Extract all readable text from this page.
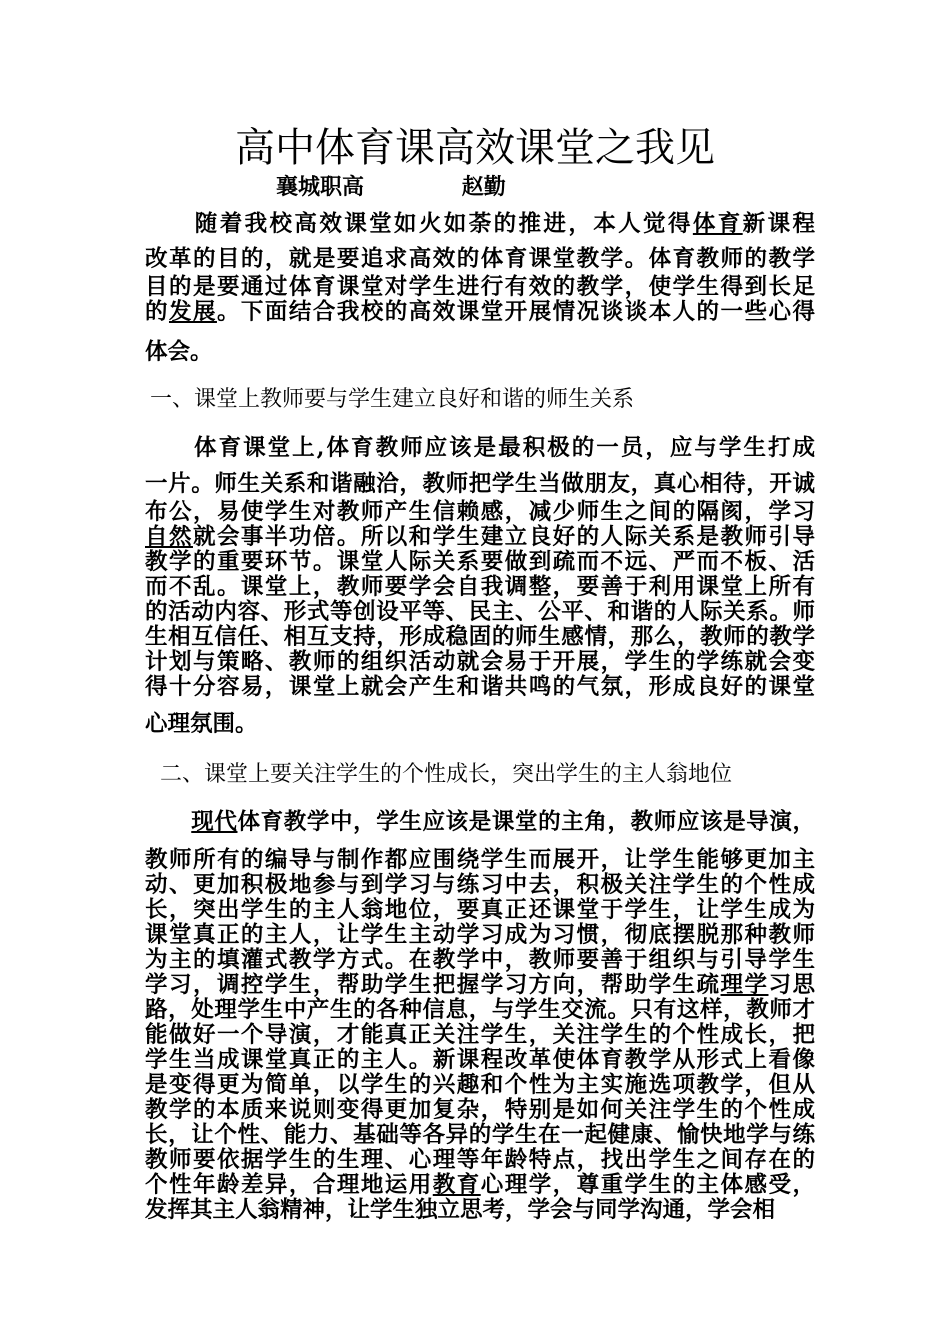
高中体育课高效课堂之我见
襄城职高	赵勤
　　随着我校高效课堂如火如荼的推进，本人觉得体育新课程
改革的目的，就是要追求高效的体育课堂教学。体育教师的教学
目的是要通过体育课堂对学生进行有效的教学，使学生得到长足
的发展。下面结合我校的高效课堂开展情况谈谈本人的一些心得
体会。
一、课堂上教师要与学生建立良好和谐的师生关系
　　体育课堂上,体育教师应该是最积极的一员，应与学生打成
一片。师生关系和谐融洽，教师把学生当做朋友，真心相待，开诚
布公，易使学生对教师产生信赖感，减少师生之间的隔阂，学习
自然就会事半功倍。所以和学生建立良好的人际关系是教师引导
教学的重要环节。课堂人际关系要做到疏而不远、严而不板、活
而不乱。课堂上，教师要学会自我调整，要善于利用课堂上所有
的活动内容、形式等创设平等、民主、公平、和谐的人际关系。师
生相互信任、相互支持，形成稳固的师生感情，那么，教师的教学
计划与策略、教师的组织活动就会易于开展，学生的学练就会变
得十分容易，课堂上就会产生和谐共鸣的气氛，形成良好的课堂
心理氛围。
二、课堂上要关注学生的个性成长，突出学生的主人翁地位
　　现代体育教学中，学生应该是课堂的主角，教师应该是导演，
教师所有的编导与制作都应围绕学生而展开，让学生能够更加主
动、更加积极地参与到学习与练习中去，积极关注学生的个性成
长，突出学生的主人翁地位，要真正还课堂于学生，让学生成为
课堂真正的主人，让学生主动学习成为习惯，彻底摆脱那种教师
为主的填灌式教学方式。在教学中，教师要善于组织与引导学生
学习，调控学生，帮助学生把握学习方向，帮助学生疏理学习思
路，处理学生中产生的各种信息，与学生交流。只有这样，教师才
能做好一个导演，才能真正关注学生，关注学生的个性成长，把
学生当成课堂真正的主人。新课程改革使体育教学从形式上看像
是变得更为简单，以学生的兴趣和个性为主实施选项教学，但从
教学的本质来说则变得更加复杂，特别是如何关注学生的个性成
长，让个性、能力、基础等各异的学生在一起健康、愉快地学与练
教师要依据学生的生理、心理等年龄特点，找出学生之间存在的
个性年龄差异，合理地运用教育心理学，尊重学生的主体感受，
发挥其主人翁精神，让学生独立思考，学会与同学沟通，学会相
